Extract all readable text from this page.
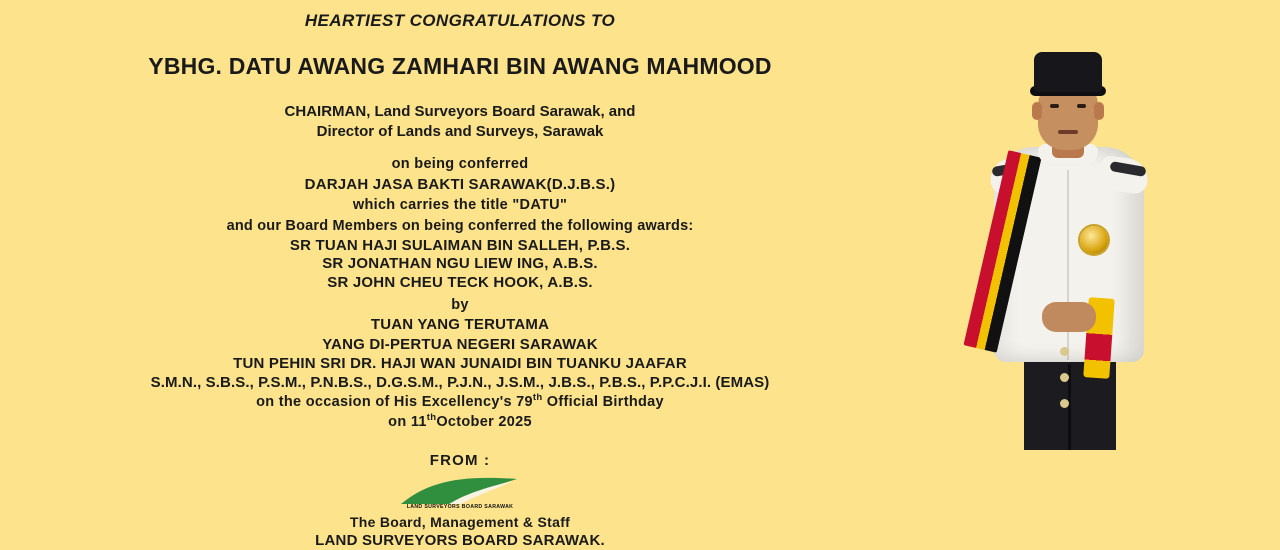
HEARTIEST CONGRATULATIONS TO
YBHG. DATU AWANG ZAMHARI BIN AWANG MAHMOOD
CHAIRMAN, Land Surveyors Board Sarawak, and
Director of Lands and Surveys, Sarawak
on being conferred
DARJAH JASA BAKTI SARAWAK(D.J.B.S.)
which carries the title "DATU"
and our Board Members on being conferred the following awards:
SR TUAN HAJI SULAIMAN BIN SALLEH, P.B.S.
SR JONATHAN NGU LIEW ING, A.B.S.
SR JOHN CHEU TECK HOOK, A.B.S.
by
TUAN YANG TERUTAMA
YANG DI-PERTUA NEGERI SARAWAK
TUN PEHIN SRI DR. HAJI WAN JUNAIDI BIN TUANKU JAAFAR
S.M.N., S.B.S., P.S.M., P.N.B.S., D.G.S.M., P.J.N., J.S.M., J.B.S., P.B.S., P.P.C.J.I. (EMAS)
on the occasion of His Excellency's 79th Official Birthday
on 11thOctober 2025
FROM :
LAND SURVEYORS BOARD SARAWAK
The Board, Management & Staff
LAND SURVEYORS BOARD SARAWAK.
